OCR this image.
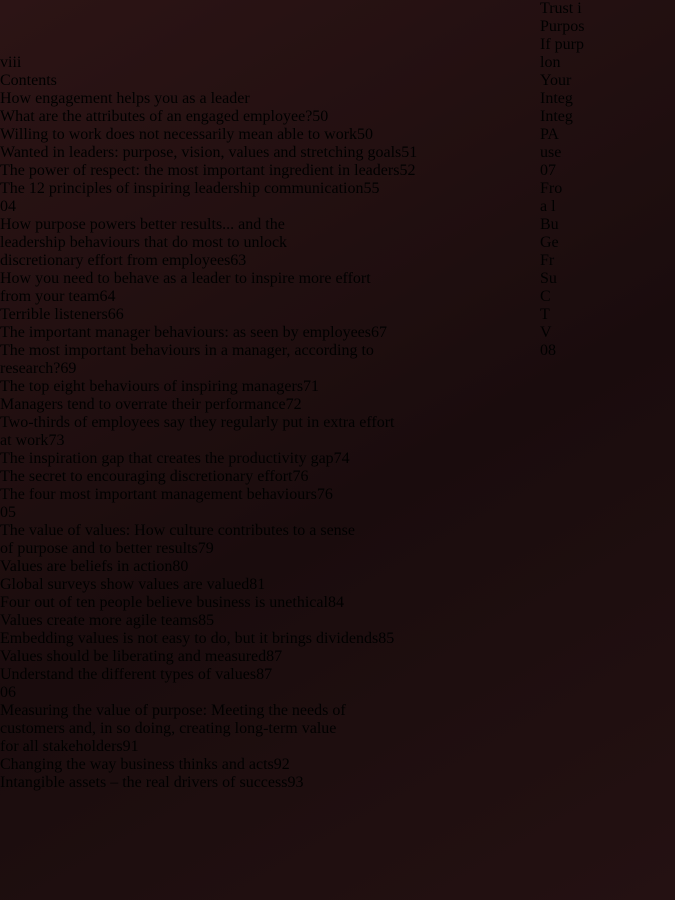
Trust i
Purpos
If purp
lon
Your
Integ
Integ
PA
use
07
Fro
a l
Bu
Ge
Fr
Su
C
T
V
08
viii
Contents
How engagement helps you as a leader
What are the attributes of an engaged employee?50
Willing to work does not necessarily mean able to work50
Wanted in leaders: purpose, vision, values and stretching goals51
The power of respect: the most important ingredient in leaders52
The 12 principles of inspiring leadership communication55
04
How purpose powers better results... and the
leadership behaviours that do most to unlock
discretionary effort from employees63
How you need to behave as a leader to inspire more effort
from your team64
Terrible listeners66
The important manager behaviours: as seen by employees67
The most important behaviours in a manager, according to
research?69
The top eight behaviours of inspiring managers71
Managers tend to overrate their performance72
Two-thirds of employees say they regularly put in extra effort
at work73
The inspiration gap that creates the productivity gap74
The secret to encouraging discretionary effort76
The four most important management behaviours76
05
The value of values: How culture contributes to a sense
of purpose and to better results79
Values are beliefs in action80
Global surveys show values are valued81
Four out of ten people believe business is unethical84
Values create more agile teams85
Embedding values is not easy to do, but it brings dividends85
Values should be liberating and measured87
Understand the different types of values87
06
Measuring the value of purpose: Meeting the needs of
customers and, in so doing, creating long-term value
for all stakeholders91
Changing the way business thinks and acts92
Intangible assets – the real drivers of success93
